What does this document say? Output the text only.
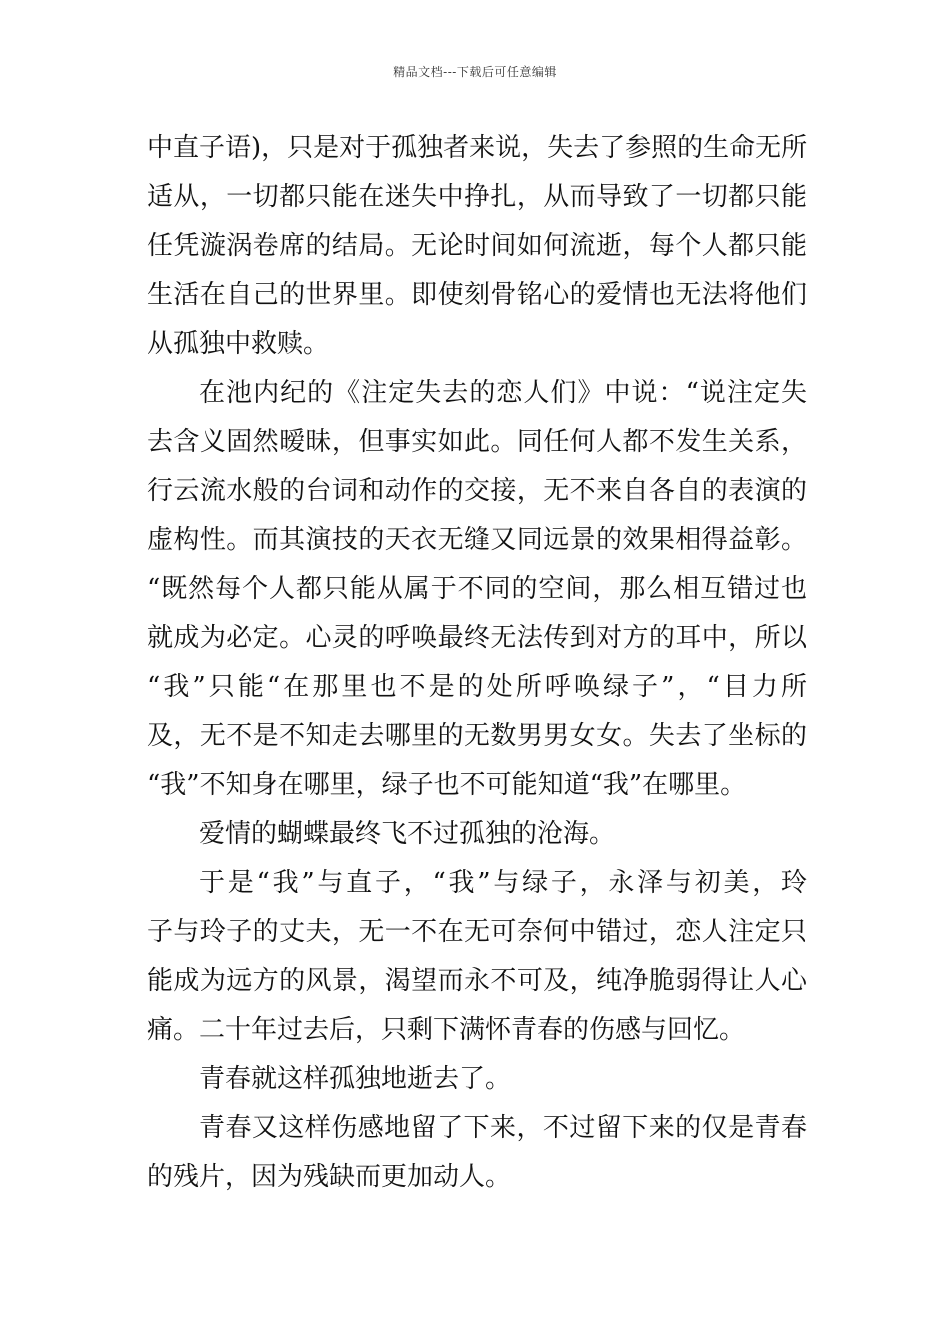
精品文档---下载后可任意编辑
中直子语)，只是对于孤独者来说，失去了参照的生命无所
适从，一切都只能在迷失中挣扎，从而导致了一切都只能
任凭漩涡卷席的结局。无论时间如何流逝，每个人都只能
生活在自己的世界里。即使刻骨铭心的爱情也无法将他们
从孤独中救赎。
在池内纪的《注定失去的恋人们》中说：“说注定失
去含义固然暧昧，但事实如此。同任何人都不发生关系，
行云流水般的台词和动作的交接，无不来自各自的表演的
虚构性。而其演技的天衣无缝又同远景的效果相得益彰。
“既然每个人都只能从属于不同的空间，那么相互错过也
就成为必定。心灵的呼唤最终无法传到对方的耳中，所以
“我”只能“在那里也不是的处所呼唤绿子”，“目力所
及，无不是不知走去哪里的无数男男女女。失去了坐标的
“我”不知身在哪里，绿子也不可能知道“我”在哪里。
爱情的蝴蝶最终飞不过孤独的沧海。
于是“我”与直子，“我”与绿子，永泽与初美，玲
子与玲子的丈夫，无一不在无可奈何中错过，恋人注定只
能成为远方的风景，渴望而永不可及，纯净脆弱得让人心
痛。二十年过去后，只剩下满怀青春的伤感与回忆。
青春就这样孤独地逝去了。
青春又这样伤感地留了下来，不过留下来的仅是青春
的残片，因为残缺而更加动人。
